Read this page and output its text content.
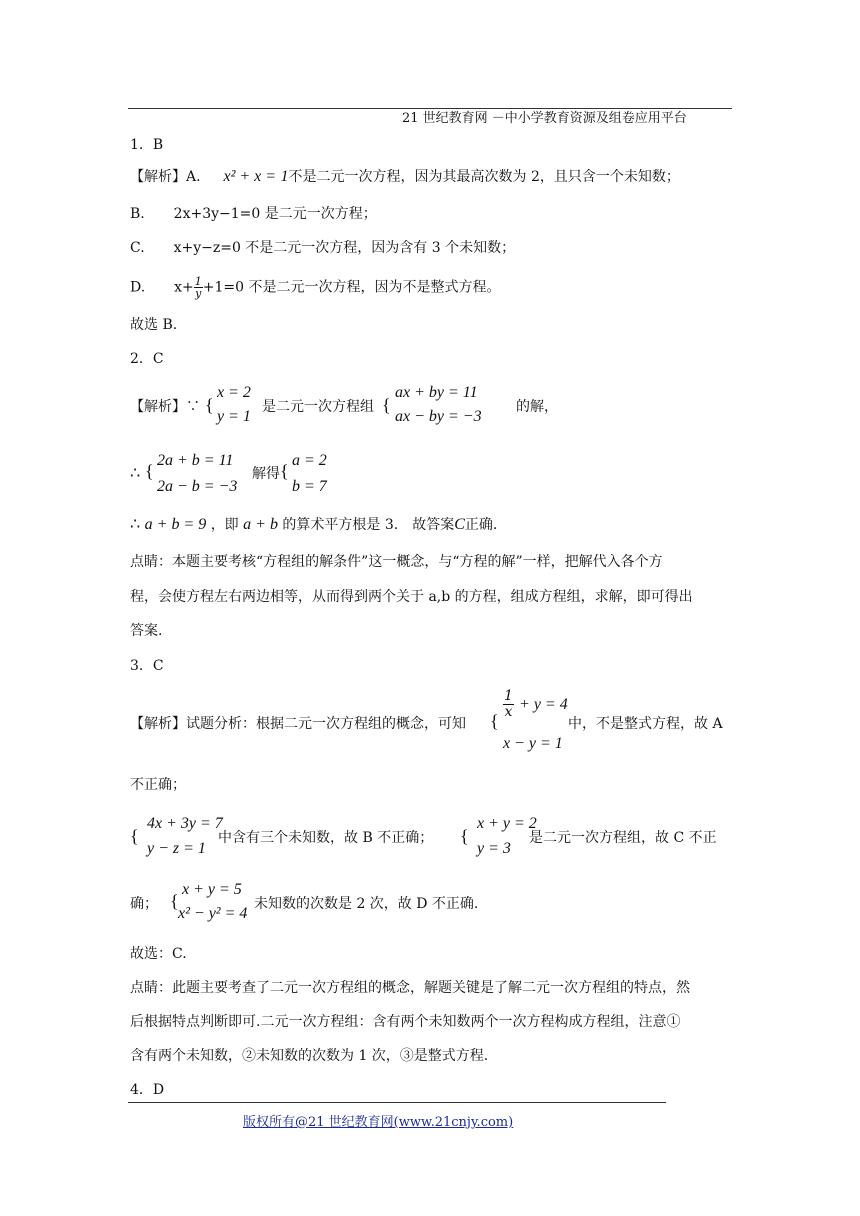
21 世纪教育网 －中小学教育资源及组卷应用平台
1．B
【解析】A. x² + x = 1不是二元一次方程，因为其最高次数为 2，且只含一个未知数；
B. 2x+3y−1=0 是二元一次方程；
C. x+y−z=0 不是二元一次方程，因为含有 3 个未知数；
D. $x+ \frac{1}{y} +1=0$ 不是二元一次方程，因为不是整式方程。
故选 B.
2．C
【解析】∵ {
x = 2
y = 1
是二元一次方程组 {
ax + by = 11
ax − by = −3
的解，
∴ {
2a + b = 11
2a − b = −3
解得 {
a = 2
b = 7
∴ a + b = 9 ，即 a + b 的算术平方根是 3.　故答案C正确.
点睛：本题主要考核“方程组的解条件”这一概念，与“方程的解”一样，把解代入各个方
程，会使方程左右两边相等，从而得到两个关于 a,b 的方程，组成方程组，求解，即可得出
答案.
3．C
【解析】试题分析：根据二元一次方程组的概念，可知 {
$\frac{1}{x} + y = 4$
x − y = 1
中，不是整式方程，故 A
不正确；
{
4x + 3y = 7
y − z = 1
中含有三个未知数，故 B 不正确； {
x + y = 2
y = 3
是二元一次方程组，故 C 不正
确； {
x + y = 5
x² − y² = 4
未知数的次数是 2 次，故 D 不正确.
故选：C.
点睛：此题主要考查了二元一次方程组的概念，解题关键是了解二元一次方程组的特点，然
后根据特点判断即可.二元一次方程组：含有两个未知数两个一次方程构成方程组，注意①
含有两个未知数，②未知数的次数为 1 次，③是整式方程.
4．D
版权所有@21 世纪教育网(www.21cnjy.com)
